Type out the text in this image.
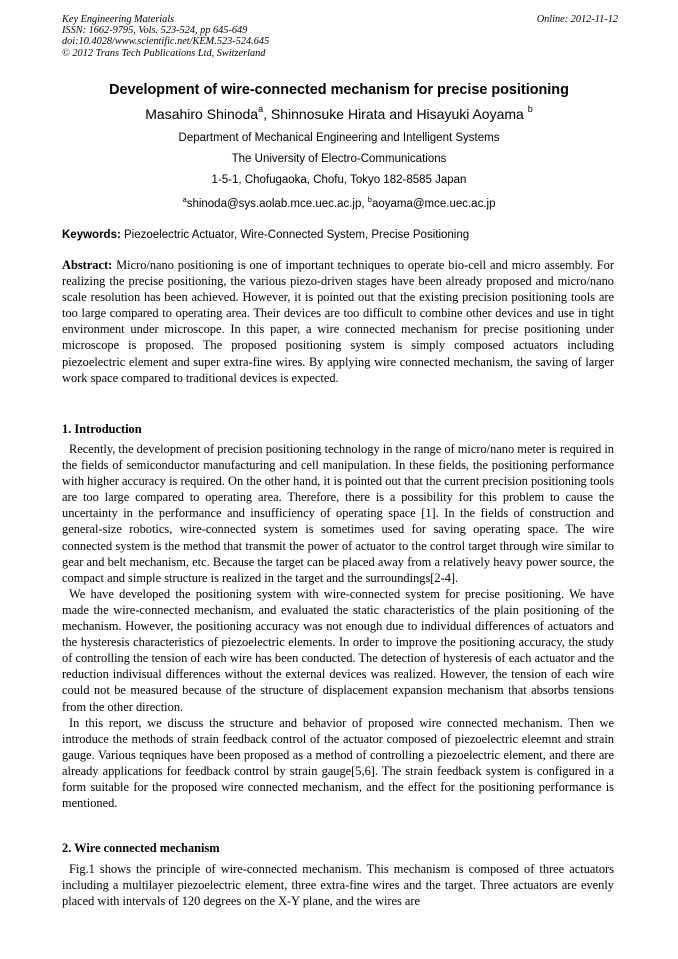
Key Engineering Materials
ISSN: 1662-9795, Vols. 523-524, pp 645-649
doi:10.4028/www.scientific.net/KEM.523-524.645
© 2012 Trans Tech Publications Ltd, Switzerland
Online: 2012-11-12
Development of wire-connected mechanism for precise positioning
Masahiro Shinoda$^a$, Shinnosuke Hirata and Hisayuki Aoyama $^b$
Department of Mechanical Engineering and Intelligent Systems
The University of Electro-Communications
1-5-1, Chofugaoka, Chofu, Tokyo 182-8585 Japan
$^a$shinoda@sys.aolab.mce.uec.ac.jp, $^b$aoyama@mce.uec.ac.jp
Keywords: Piezoelectric Actuator, Wire-Connected System, Precise Positioning
Abstract: Micro/nano positioning is one of important techniques to operate bio-cell and micro assembly. For realizing the precise positioning, the various piezo-driven stages have been already proposed and micro/nano scale resolution has been achieved. However, it is pointed out that the existing precision positioning tools are too large compared to operating area. Their devices are too difficult to combine other devices and use in tight environment under microscope. In this paper, a wire connected mechanism for precise positioning under microscope is proposed. The proposed positioning system is simply composed actuators including piezoelectric element and super extra-fine wires. By applying wire connected mechanism, the saving of larger work space compared to traditional devices is expected.
1. Introduction
Recently, the development of precision positioning technology in the range of micro/nano meter is required in the fields of semiconductor manufacturing and cell manipulation. In these fields, the positioning performance with higher accuracy is required. On the other hand, it is pointed out that the current precision positioning tools are too large compared to operating area. Therefore, there is a possibility for this problem to cause the uncertainty in the performance and insufficiency of operating space [1]. In the fields of construction and general-size robotics, wire-connected system is sometimes used for saving operating space. The wire connected system is the method that transmit the power of actuator to the control target through wire similar to gear and belt mechanism, etc. Because the target can be placed away from a relatively heavy power source, the compact and simple structure is realized in the target and the surroundings[2-4].
We have developed the positioning system with wire-connected system for precise positioning. We have made the wire-connected mechanism, and evaluated the static characteristics of the plain positioning of the mechanism. However, the positioning accuracy was not enough due to individual differences of actuators and the hysteresis characteristics of piezoelectric elements. In order to improve the positioning accuracy, the study of controlling the tension of each wire has been conducted. The detection of hysteresis of each actuator and the reduction indivisual differences without the external devices was realized. However, the tension of each wire could not be measured because of the structure of displacement expansion mechanism that absorbs tensions from the other direction.
In this report, we discuss the structure and behavior of proposed wire connected mechanism. Then we introduce the methods of strain feedback control of the actuator composed of piezoelectric eleemnt and strain gauge. Various teqniques have been proposed as a method of controlling a piezoelectric element, and there are already applications for feedback control by strain gauge[5,6]. The strain feedback system is configured in a form suitable for the proposed wire connected mechanism, and the effect for the positioning performance is mentioned.
2. Wire connected mechanism
Fig.1 shows the principle of wire-connected mechanism. This mechanism is composed of three actuators including a multilayer piezoelectric element, three extra-fine wires and the target. Three actuators are evenly placed with intervals of 120 degrees on the X-Y plane, and the wires are
